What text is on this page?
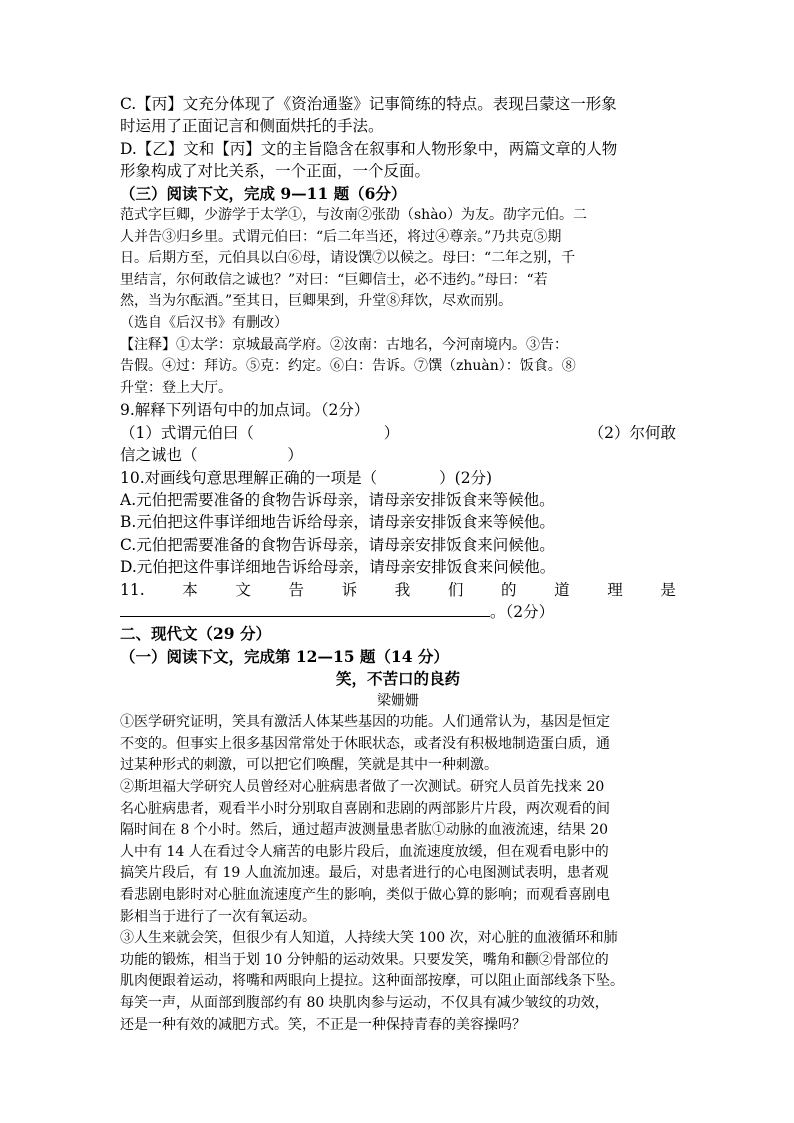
C.【丙】文充分体现了《资治通鉴》记事简练的特点。表现吕蒙这一形象
时运用了正面记言和侧面烘托的手法。
D.【乙】文和【丙】文的主旨隐含在叙事和人物形象中，两篇文章的人物
形象构成了对比关系，一个正面，一个反面。
（三）阅读下文，完成 9—11 题（6分）
范式字巨卿，少游学于太学①，与汝南②张劭（shào）为友。劭字元伯。二
人并告③归乡里。式谓元伯曰：“后二年当还，将过④尊亲。”乃共克⑤期
日。后期方至，元伯具以白⑥母，请设馔⑦以候之。母曰：“二年之别，千
里结言，尔何敢信之诚也？”对曰：“巨卿信士，必不违约。”母曰：“若
然，当为尔酝酒。”至其日，巨卿果到，升堂⑧拜饮，尽欢而别。
（选自《后汉书》有删改）
【注释】①太学：京城最高学府。②汝南：古地名，今河南境内。③告：
告假。④过：拜访。⑤克：约定。⑥白：告诉。⑦馔（zhuàn）：饭食。⑧
升堂：登上大厅。
9.解释下列语句中的加点词。（2分）
（1）式谓元伯曰（	）	（2）尔何敢
信之诚也（	）
10.对画线句意思理解正确的一项是（　　　　）(2分)
A.元伯把需要准备的食物告诉母亲，请母亲安排饭食来等候他。
B.元伯把这件事详细地告诉给母亲，请母亲安排饭食来等候他。
C.元伯把需要准备的食物告诉母亲，请母亲安排饭食来问候他。
D.元伯把这件事详细地告诉给母亲，请母亲安排饭食来问候他。
11. 本 文 告 诉 我 们 的 道 理 是
。（2分）
二、现代文（29 分）
（一）阅读下文，完成第 12—15 题（14 分）
笑，不苦口的良药
梁姗姗
①医学研究证明，笑具有激活人体某些基因的功能。人们通常认为，基因是恒定
不变的。但事实上很多基因常常处于休眠状态，或者没有积极地制造蛋白质，通
过某种形式的刺激，可以把它们唤醒，笑就是其中一种刺激。
②斯坦福大学研究人员曾经对心脏病患者做了一次测试。研究人员首先找来 20
名心脏病患者，观看半小时分别取自喜剧和悲剧的两部影片片段，两次观看的间
隔时间在 8 个小时。然后，通过超声波测量患者肱①动脉的血液流速，结果 20
人中有 14 人在看过令人痛苦的电影片段后，血流速度放缓，但在观看电影中的
搞笑片段后，有 19 人血流加速。最后，对患者进行的心电图测试表明，患者观
看悲剧电影时对心脏血流速度产生的影响，类似于做心算的影响；而观看喜剧电
影相当于进行了一次有氧运动。
③人生来就会笑，但很少有人知道，人持续大笑 100 次，对心脏的血液循环和肺
功能的锻炼，相当于划 10 分钟船的运动效果。只要发笑，嘴角和颧②骨部位的
肌肉便跟着运动，将嘴和两眼向上提拉。这种面部按摩，可以阻止面部线条下坠。
每笑一声，从面部到腹部约有 80 块肌肉参与运动，不仅具有减少皱纹的功效，
还是一种有效的减肥方式。笑，不正是一种保持青春的美容操吗？
